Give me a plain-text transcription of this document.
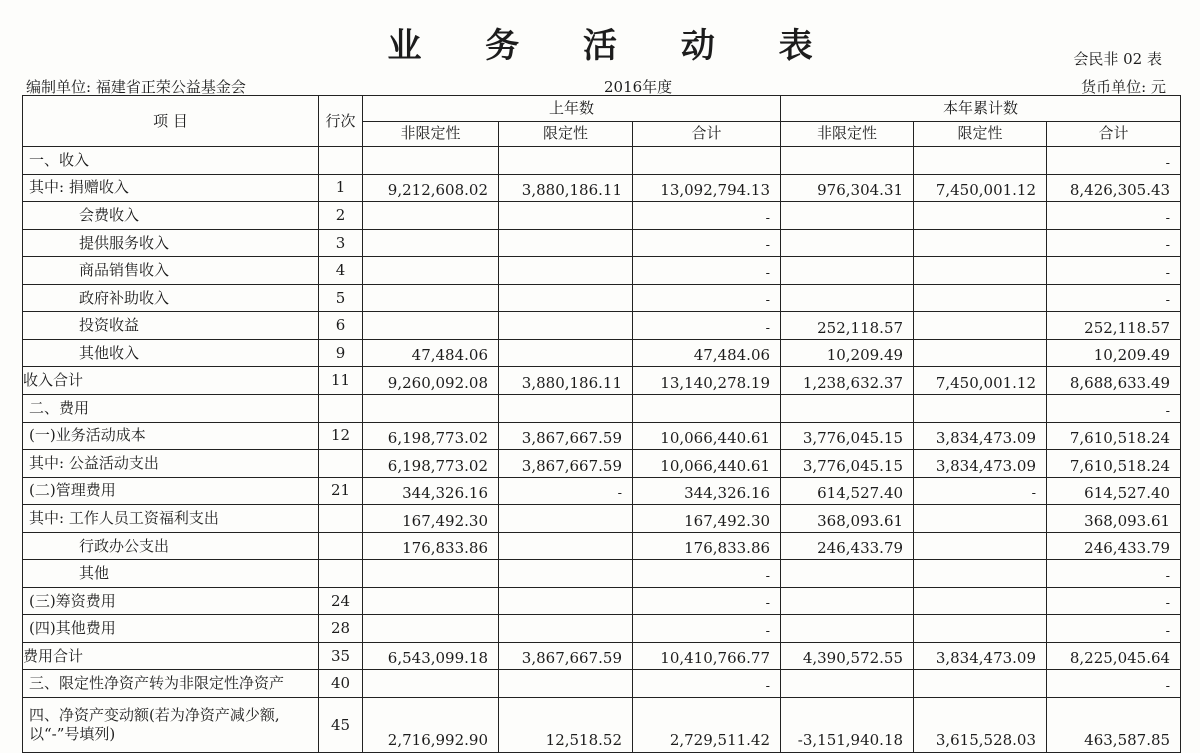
业 务 活 动 表	会民非 02 表
编制单位: 福建省正荣公益基金会	2016年度	货币单位: 元
项 目	行次	上年数			本年累计数		
		非限定性	限定性	合计	非限定性	限定性	合计
一、收入							-
其中: 捐赠收入	1	9,212,608.02	3,880,186.11	13,092,794.13	976,304.31	7,450,001.12	8,426,305.43
会费收入	2			-			-
提供服务收入	3			-			-
商品销售收入	4			-			-
政府补助收入	5			-			-
投资收益	6			-	252,118.57		252,118.57
其他收入	9	47,484.06		47,484.06	10,209.49		10,209.49
收入合计	11	9,260,092.08	3,880,186.11	13,140,278.19	1,238,632.37	7,450,001.12	8,688,633.49
二、费用							-
(一)业务活动成本	12	6,198,773.02	3,867,667.59	10,066,440.61	3,776,045.15	3,834,473.09	7,610,518.24
其中: 公益活动支出		6,198,773.02	3,867,667.59	10,066,440.61	3,776,045.15	3,834,473.09	7,610,518.24
(二)管理费用	21	344,326.16	-	344,326.16	614,527.40	-	614,527.40
其中: 工作人员工资福利支出		167,492.30		167,492.30	368,093.61		368,093.61
行政办公支出		176,833.86		176,833.86	246,433.79		246,433.79
其他				-			-
(三)筹资费用	24			-			-
(四)其他费用	28			-			-
费用合计	35	6,543,099.18	3,867,667.59	10,410,766.77	4,390,572.55	3,834,473.09	8,225,045.64
三、限定性净资产转为非限定性净资产	40			-			-
四、净资产变动额(若为净资产减少额, 以“-”号填列)	45	2,716,992.90	12,518.52	2,729,511.42	-3,151,940.18	3,615,528.03	463,587.85
